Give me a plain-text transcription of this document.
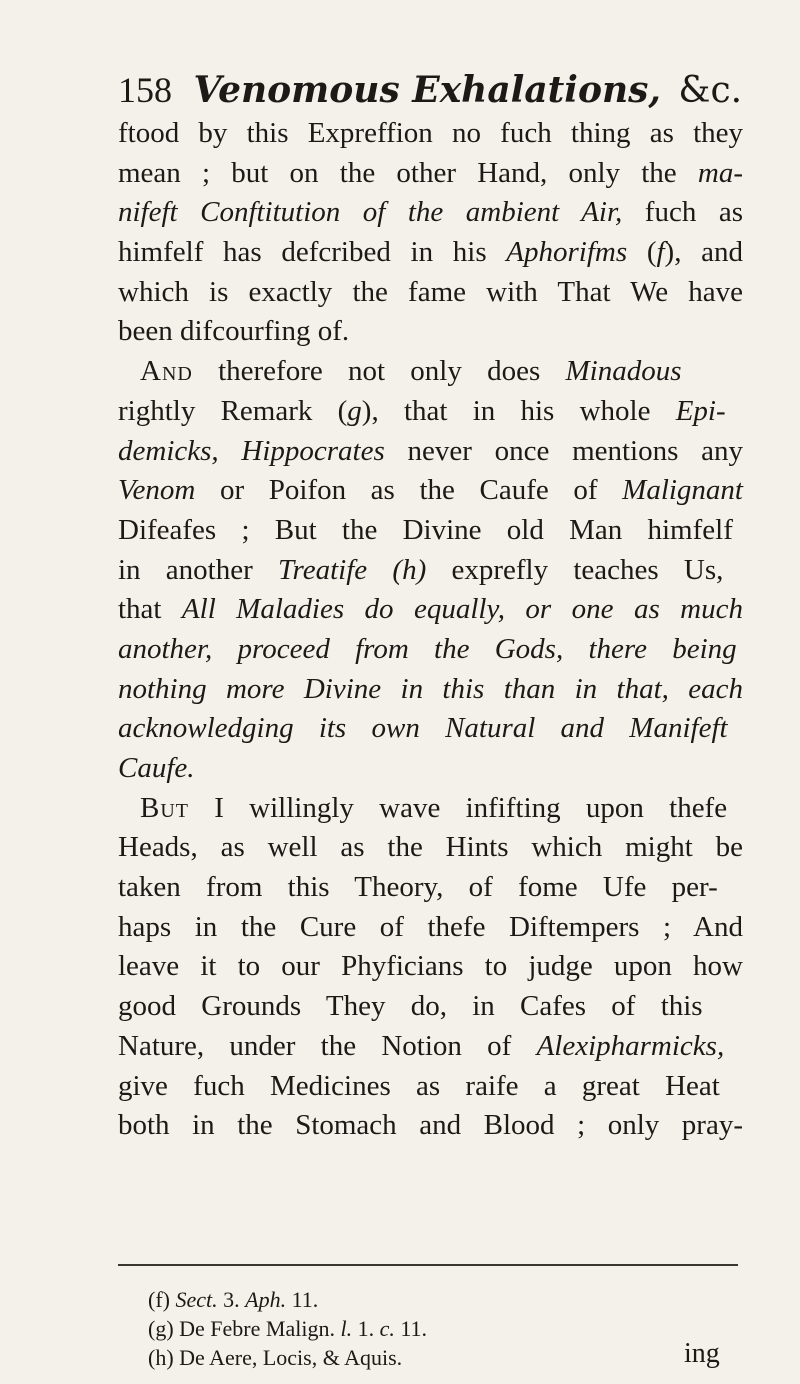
158 Venomous Exhalations, &c.
ftood by this Expreffion no fuch thing as they
mean ; but on the other Hand, only the ma-
nifeft Conftitution of the ambient Air, fuch as
himfelf has defcribed in his Aphorifms (f), and
which is exactly the fame with That We have
been difcourfing of.
And therefore not only does Minadous
rightly Remark (g), that in his whole Epi-
demicks, Hippocrates never once mentions any
Venom or Poifon as the Caufe of Malignant
Difeafes ; But the Divine old Man himfelf
in another Treatife (h) exprefly teaches Us,
that All Maladies do equally, or one as much
another, proceed from the Gods, there being
nothing more Divine in this than in that, each
acknowledging its own Natural and Manifeft
Caufe.
But I willingly wave infifting upon thefe
Heads, as well as the Hints which might be
taken from this Theory, of fome Ufe per-
haps in the Cure of thefe Diftempers ; And
leave it to our Phyficians to judge upon how
good Grounds They do, in Cafes of this
Nature, under the Notion of Alexipharmicks,
give fuch Medicines as raife a great Heat
both in the Stomach and Blood ; only pray-
(f) Sect. 3. Aph. 11.
(g) De Febre Malign. l. 1. c. 11.
(h) De Aere, Locis, & Aquis.	ing
